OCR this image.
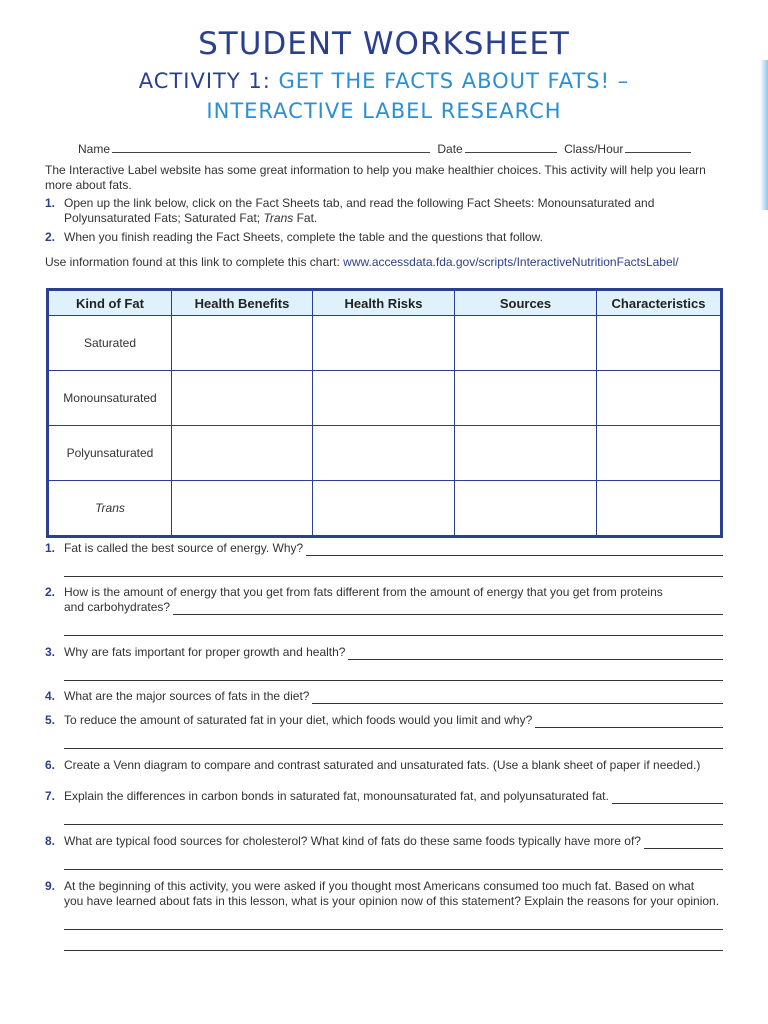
STUDENT WORKSHEET
ACTIVITY 1: GET THE FACTS ABOUT FATS! –
INTERACTIVE LABEL RESEARCH
Name	Date	Class/Hour

The Interactive Label website has some great information to help you make healthier choices. This activity will help you learn more about fats.

1. Open up the link below, click on the Fact Sheets tab, and read the following Fact Sheets: Monounsaturated and Polyunsaturated Fats; Saturated Fat; Trans Fat.
2. When you finish reading the Fact Sheets, complete the table and the questions that follow.
Use information found at this link to complete this chart: www.accessdata.fda.gov/scripts/InteractiveNutritionFactsLabel/
Kind of Fat	Health Benefits	Health Risks	Sources	Characteristics
Saturated				
Monounsaturated				
Polyunsaturated				
Trans				
1. Fat is called the best source of energy. Why?
2. How is the amount of energy that you get from fats different from the amount of energy that you get from proteins
and carbohydrates?
3. Why are fats important for proper growth and health?
4. What are the major sources of fats in the diet?
5. To reduce the amount of saturated fat in your diet, which foods would you limit and why?
6. Create a Venn diagram to compare and contrast saturated and unsaturated fats. (Use a blank sheet of paper if needed.)
7. Explain the differences in carbon bonds in saturated fat, monounsaturated fat, and polyunsaturated fat.
8. What are typical food sources for cholesterol? What kind of fats do these same foods typically have more of?
9. At the beginning of this activity, you were asked if you thought most Americans consumed too much fat. Based on what
you have learned about fats in this lesson, what is your opinion now of this statement? Explain the reasons for your opinion.
